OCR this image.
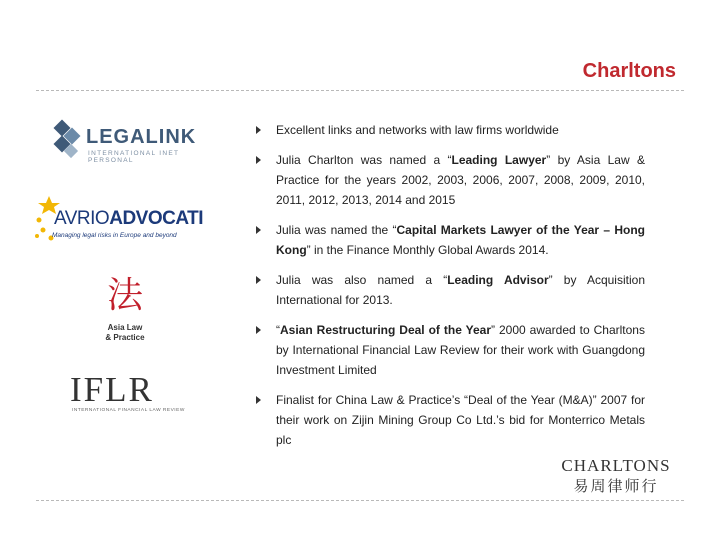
Charltons
LEGALINK
INTERNATIONAL INET PERSONAL
AVRIOADVOCATI
Managing legal risks in Europe and beyond
法
Asia Law
& Practice
IFLR
INTERNATIONAL FINANCIAL LAW REVIEW
Excellent links and networks with law firms worldwide
Julia Charlton was named a “Leading Lawyer” by Asia Law & Practice for the years 2002, 2003, 2006, 2007, 2008, 2009, 2010, 2011, 2012, 2013, 2014 and 2015
Julia was named the “Capital Markets Lawyer of the Year – Hong Kong” in the Finance Monthly Global Awards 2014.
Julia was also named a “Leading Advisor” by Acquisition International for 2013.
“Asian Restructuring Deal of the Year” 2000 awarded to Charltons by International Financial Law Review for their work with Guangdong Investment Limited
Finalist for China Law & Practice’s “Deal of the Year (M&A)” 2007 for their work on Zijin Mining Group Co Ltd.’s bid for Monterrico Metals plc
CHARLTONS
易周律师行
